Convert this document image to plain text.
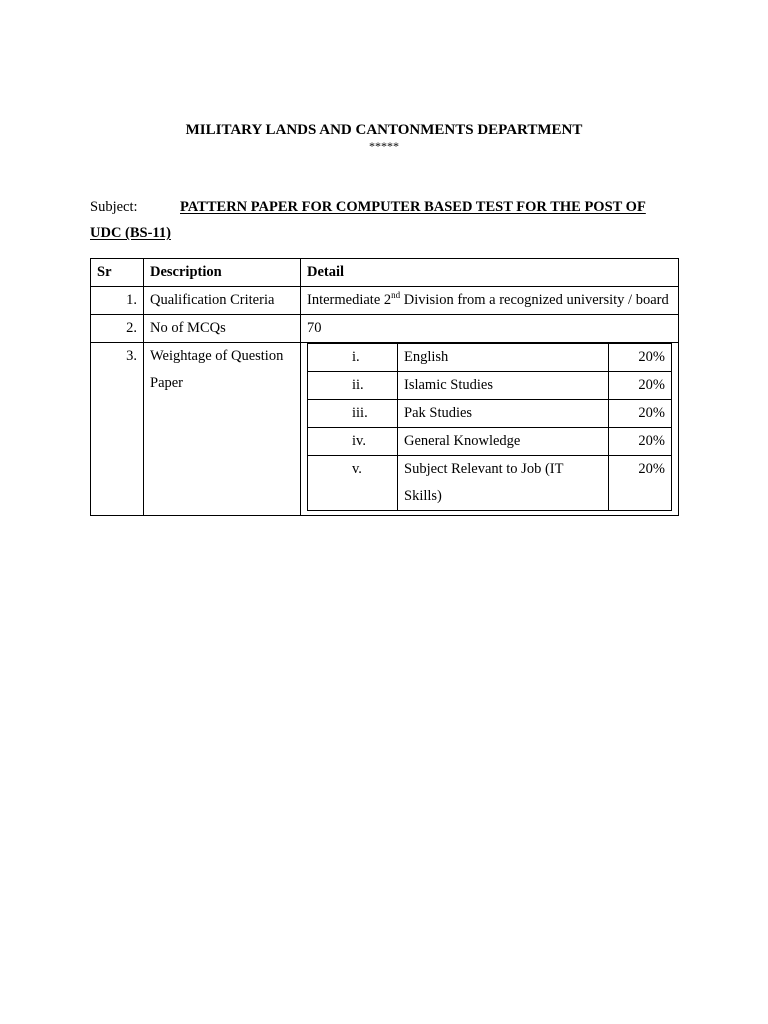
MILITARY LANDS AND CANTONMENTS DEPARTMENT
*****
Subject:	PATTERN PAPER FOR COMPUTER BASED TEST FOR THE POST OF UDC (BS-11)
Sr	Description	Detail
1.	Qualification Criteria	Intermediate 2nd Division from a recognized university / board
2.	No of MCQs	70
3.	Weightage of Question Paper	
i.	English	20%
ii.	Islamic Studies	20%
iii.	Pak Studies	20%
iv.	General Knowledge	20%
v.	Subject Relevant to Job (IT Skills)	20%
